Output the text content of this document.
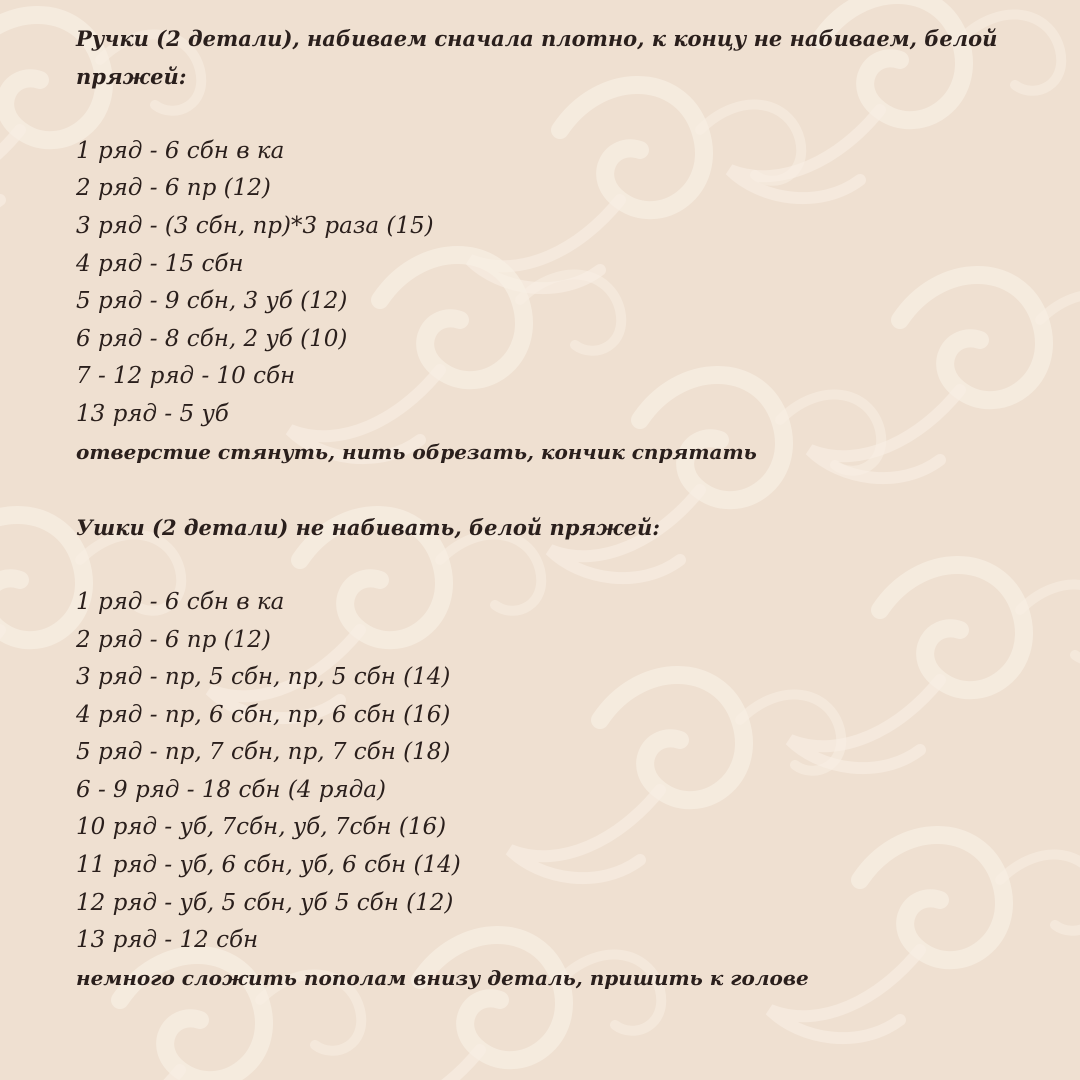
Ручки (2 детали), набиваем сначала плотно, к концу не набиваем, белой
пряжей:
1 ряд - 6 сбн в ка
2 ряд - 6 пр (12)
3 ряд - (3 сбн, пр)*3 раза (15)
4 ряд - 15 сбн
5 ряд - 9 сбн, 3 уб (12)
6 ряд - 8 сбн, 2 уб (10)
7 - 12 ряд - 10 сбн
13 ряд - 5 уб
отверстие стянуть, нить обрезать, кончик спрятать
Ушки (2 детали) не набивать, белой пряжей:
1 ряд - 6 сбн в ка
2 ряд - 6 пр (12)
3 ряд - пр, 5 сбн, пр, 5 сбн (14)
4 ряд - пр, 6 сбн, пр, 6 сбн (16)
5 ряд - пр, 7 сбн, пр, 7 сбн (18)
6 - 9 ряд - 18 сбн (4 ряда)
10 ряд - уб, 7сбн, уб, 7сбн (16)
11 ряд - уб, 6 сбн, уб, 6 сбн (14)
12 ряд - уб, 5 сбн, уб 5 сбн (12)
13 ряд - 12 сбн
немного сложить пополам внизу деталь, пришить к голове
